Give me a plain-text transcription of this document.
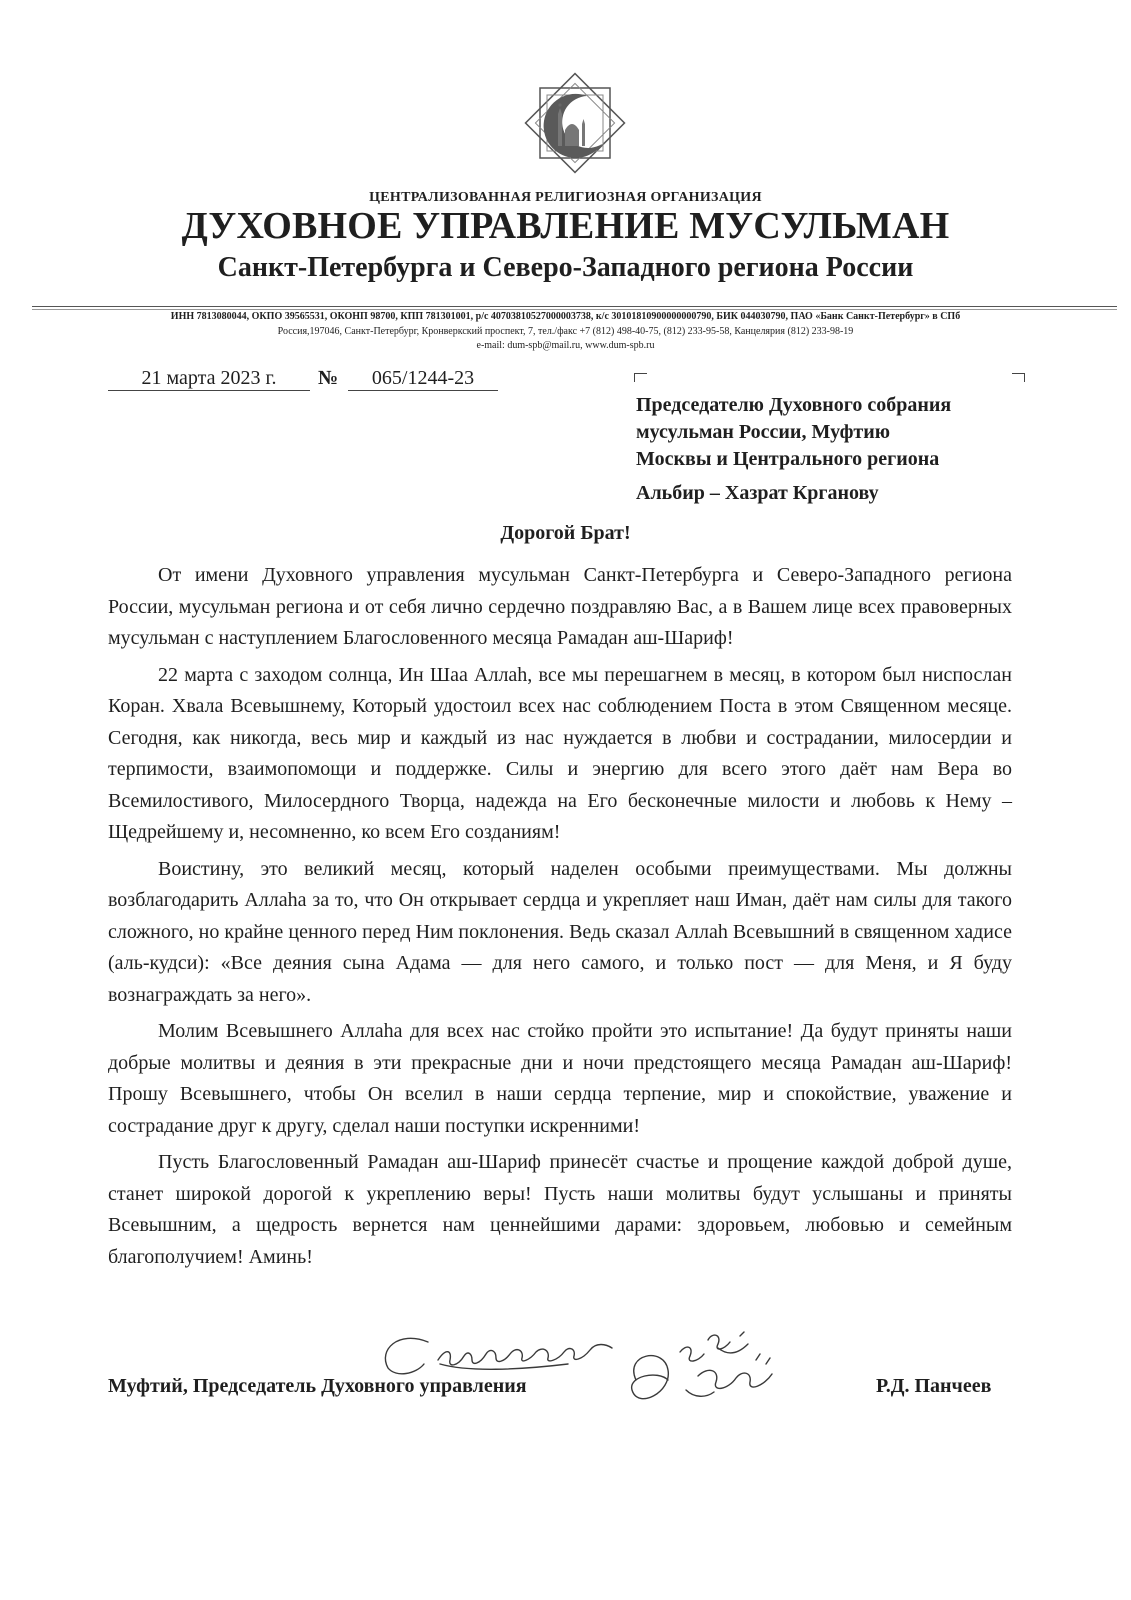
ЦЕНТРАЛИЗОВАННАЯ РЕЛИГИОЗНАЯ ОРГАНИЗАЦИЯ
ДУХОВНОЕ УПРАВЛЕНИЕ МУСУЛЬМАН
Санкт-Петербурга и Северо-Западного региона России
ИНН 7813080044, ОКПО 39565531, ОКОНП 98700, КПП 781301001, р/с 40703810527000003738, к/с 30101810900000000790, БИК 044030790, ПАО «Банк Санкт-Петербург» в СПб
Россия,197046, Санкт-Петербург, Кронверкский проспект, 7, тел./факс +7 (812) 498-40-75, (812) 233-95-58, Канцелярия (812) 233-98-19
e-mail: dum-spb@mail.ru, www.dum-spb.ru
21 марта 2023 г.	№	065/1244-23
Председателю Духовного собрания
мусульман России, Муфтию
Москвы и Центрального региона
Альбир – Хазрат Крганову
Дорогой Брат!

От имени Духовного управления мусульман Санкт-Петербурга и Северо-Западного региона России, мусульман региона и от себя лично сердечно поздравляю Вас, а в Вашем лице всех правоверных мусульман с наступлением Благословенного месяца Рамадан аш-Шариф!

22 марта с заходом солнца, Ин Шаа Аллаh, все мы перешагнем в месяц, в котором был ниспослан Коран. Хвала Всевышнему, Который удостоил всех нас соблюдением Поста в этом Священном месяце. Сегодня, как никогда, весь мир и каждый из нас нуждается в любви и сострадании, милосердии и терпимости, взаимопомощи и поддержке. Силы и энергию для всего этого даёт нам Вера во Всемилостивого, Милосердного Творца, надежда на Его бесконечные милости и любовь к Нему – Щедрейшему и, несомненно, ко всем Его созданиям!

Воистину, это великий месяц, который наделен особыми преимуществами. Мы должны возблагодарить Аллаhа за то, что Он открывает сердца и укрепляет наш Иман, даёт нам силы для такого сложного, но крайне ценного перед Ним поклонения. Ведь сказал Аллаh Всевышний в священном хадисе (аль-кудси): «Все деяния сына Адама — для него самого, и только пост — для Меня, и Я буду вознаграждать за него».

Молим Всевышнего Аллаhа для всех нас стойко пройти это испытание! Да будут приняты наши добрые молитвы и деяния в эти прекрасные дни и ночи предстоящего месяца Рамадан аш-Шариф! Прошу Всевышнего, чтобы Он вселил в наши сердца терпение, мир и спокойствие, уважение и сострадание друг к другу, сделал наши поступки искренними!

Пусть Благословенный Рамадан аш-Шариф принесёт счастье и прощение каждой доброй душе, станет широкой дорогой к укреплению веры! Пусть наши молитвы будут услышаны и приняты Всевышним, а щедрость вернется нам ценнейшими дарами: здоровьем, любовью и семейным благополучием! Аминь!

Муфтий, Председатель Духовного управления	Р.Д. Панчеев
